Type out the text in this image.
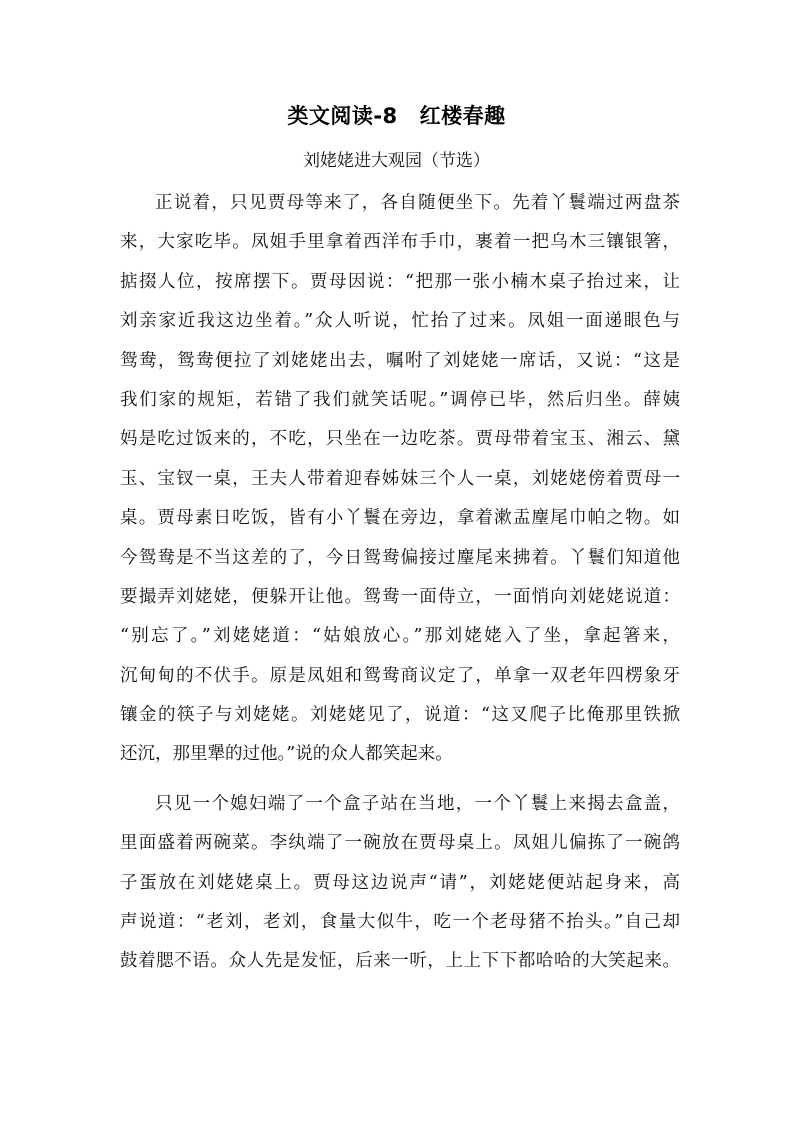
类文阅读-8 红楼春趣
刘姥姥进大观园（节选）
正说着，只见贾母等来了，各自随便坐下。先着丫鬟端过两盘茶
来，大家吃毕。凤姐手里拿着西洋布手巾，裹着一把乌木三镶银箸，
掂掇人位，按席摆下。贾母因说：“把那一张小楠木桌子抬过来，让
刘亲家近我这边坐着。”众人听说，忙抬了过来。凤姐一面递眼色与
鸳鸯，鸳鸯便拉了刘姥姥出去，嘱咐了刘姥姥一席话，又说：“这是
我们家的规矩，若错了我们就笑话呢。”调停已毕，然后归坐。薛姨
妈是吃过饭来的，不吃，只坐在一边吃茶。贾母带着宝玉、湘云、黛
玉、宝钗一桌，王夫人带着迎春姊妹三个人一桌，刘姥姥傍着贾母一
桌。贾母素日吃饭，皆有小丫鬟在旁边，拿着漱盂麈尾巾帕之物。如
今鸳鸯是不当这差的了，今日鸳鸯偏接过麈尾来拂着。丫鬟们知道他
要撮弄刘姥姥，便躲开让他。鸳鸯一面侍立，一面悄向刘姥姥说道：
“别忘了。”刘姥姥道：“姑娘放心。”那刘姥姥入了坐，拿起箸来，
沉甸甸的不伏手。原是凤姐和鸳鸯商议定了，单拿一双老年四楞象牙
镶金的筷子与刘姥姥。刘姥姥见了，说道：“这叉爬子比俺那里铁掀
还沉，那里犟的过他。”说的众人都笑起来。
只见一个媳妇端了一个盒子站在当地，一个丫鬟上来揭去盒盖，
里面盛着两碗菜。李纨端了一碗放在贾母桌上。凤姐儿偏拣了一碗鸽
子蛋放在刘姥姥桌上。贾母这边说声“请”，刘姥姥便站起身来，高
声说道：“老刘，老刘，食量大似牛，吃一个老母猪不抬头。”自己却
鼓着腮不语。众人先是发怔，后来一听，上上下下都哈哈的大笑起来。
